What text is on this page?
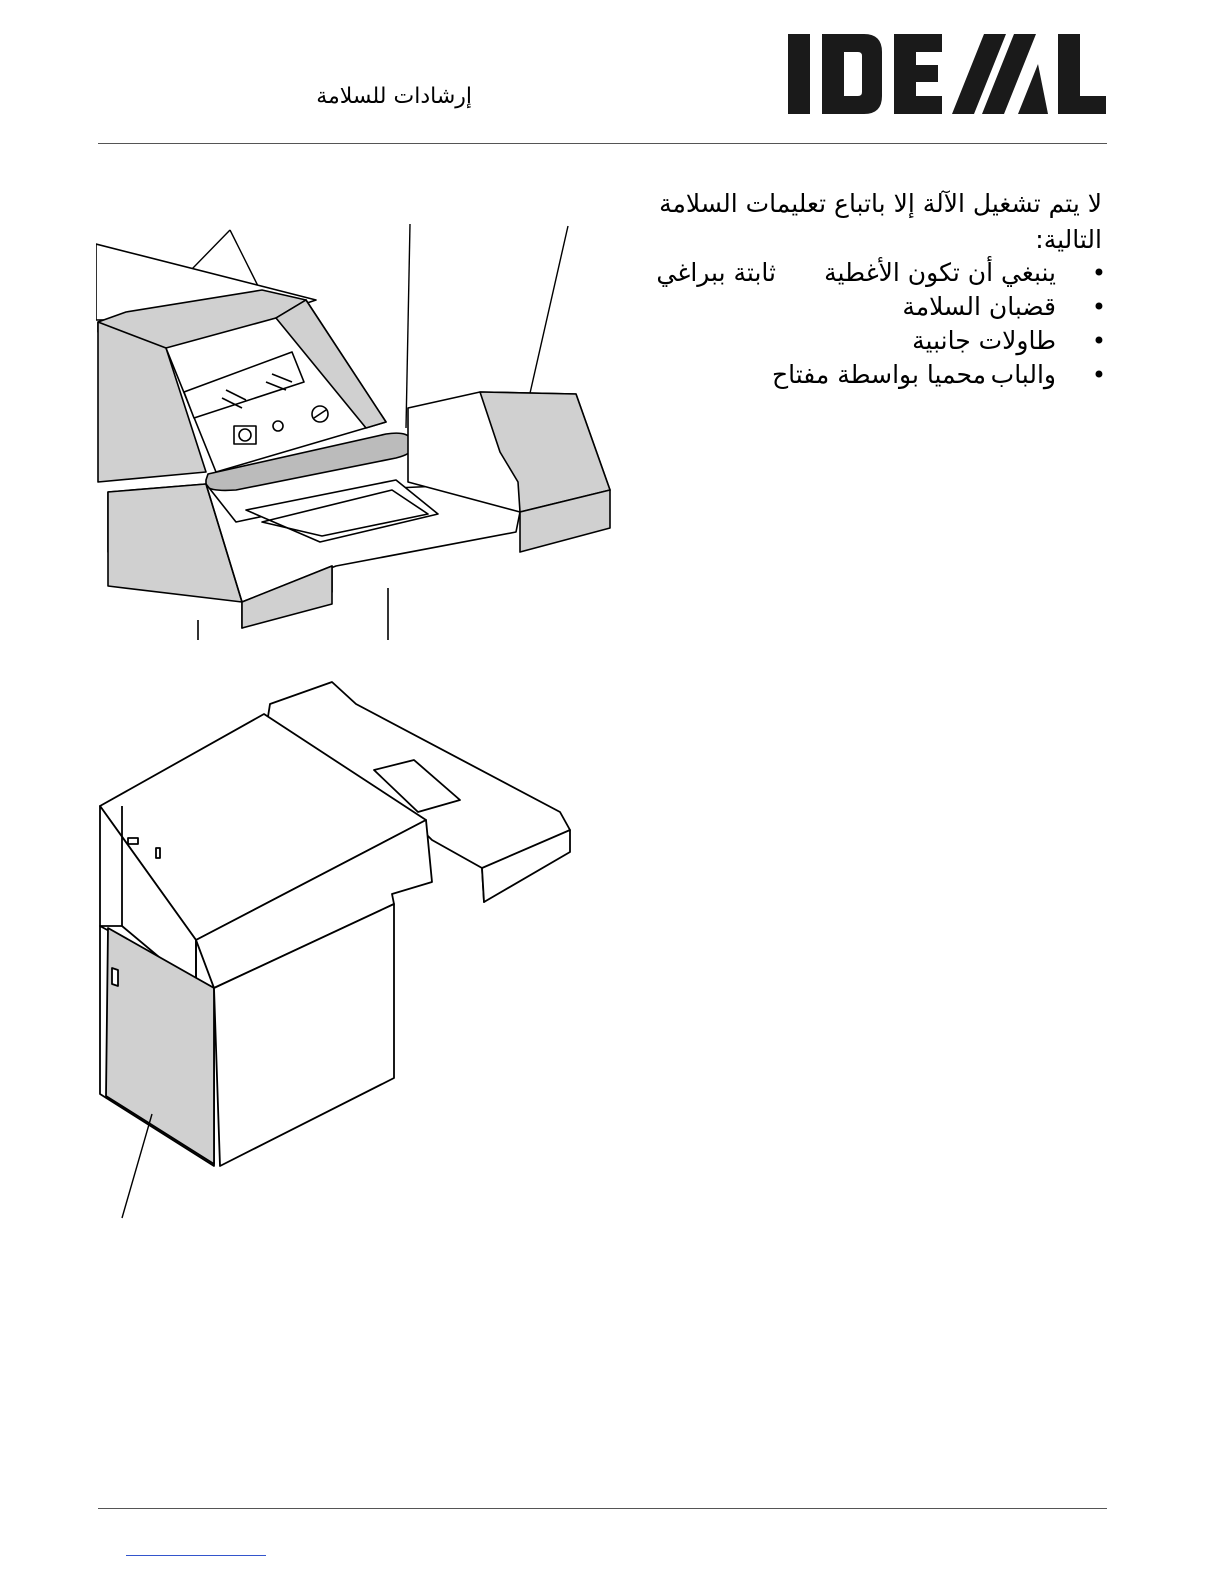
إرشادات للسلامة
لا يتم تشغيل الآلة إلا باتباع تعليمات السلامة التالية:
•
ينبغي أن تكون الأغطية
ثابتة ببراغي
•
قضبان السلامة
•
طاولات جانبية
•
والباب
محميا بواسطة مفتاح
